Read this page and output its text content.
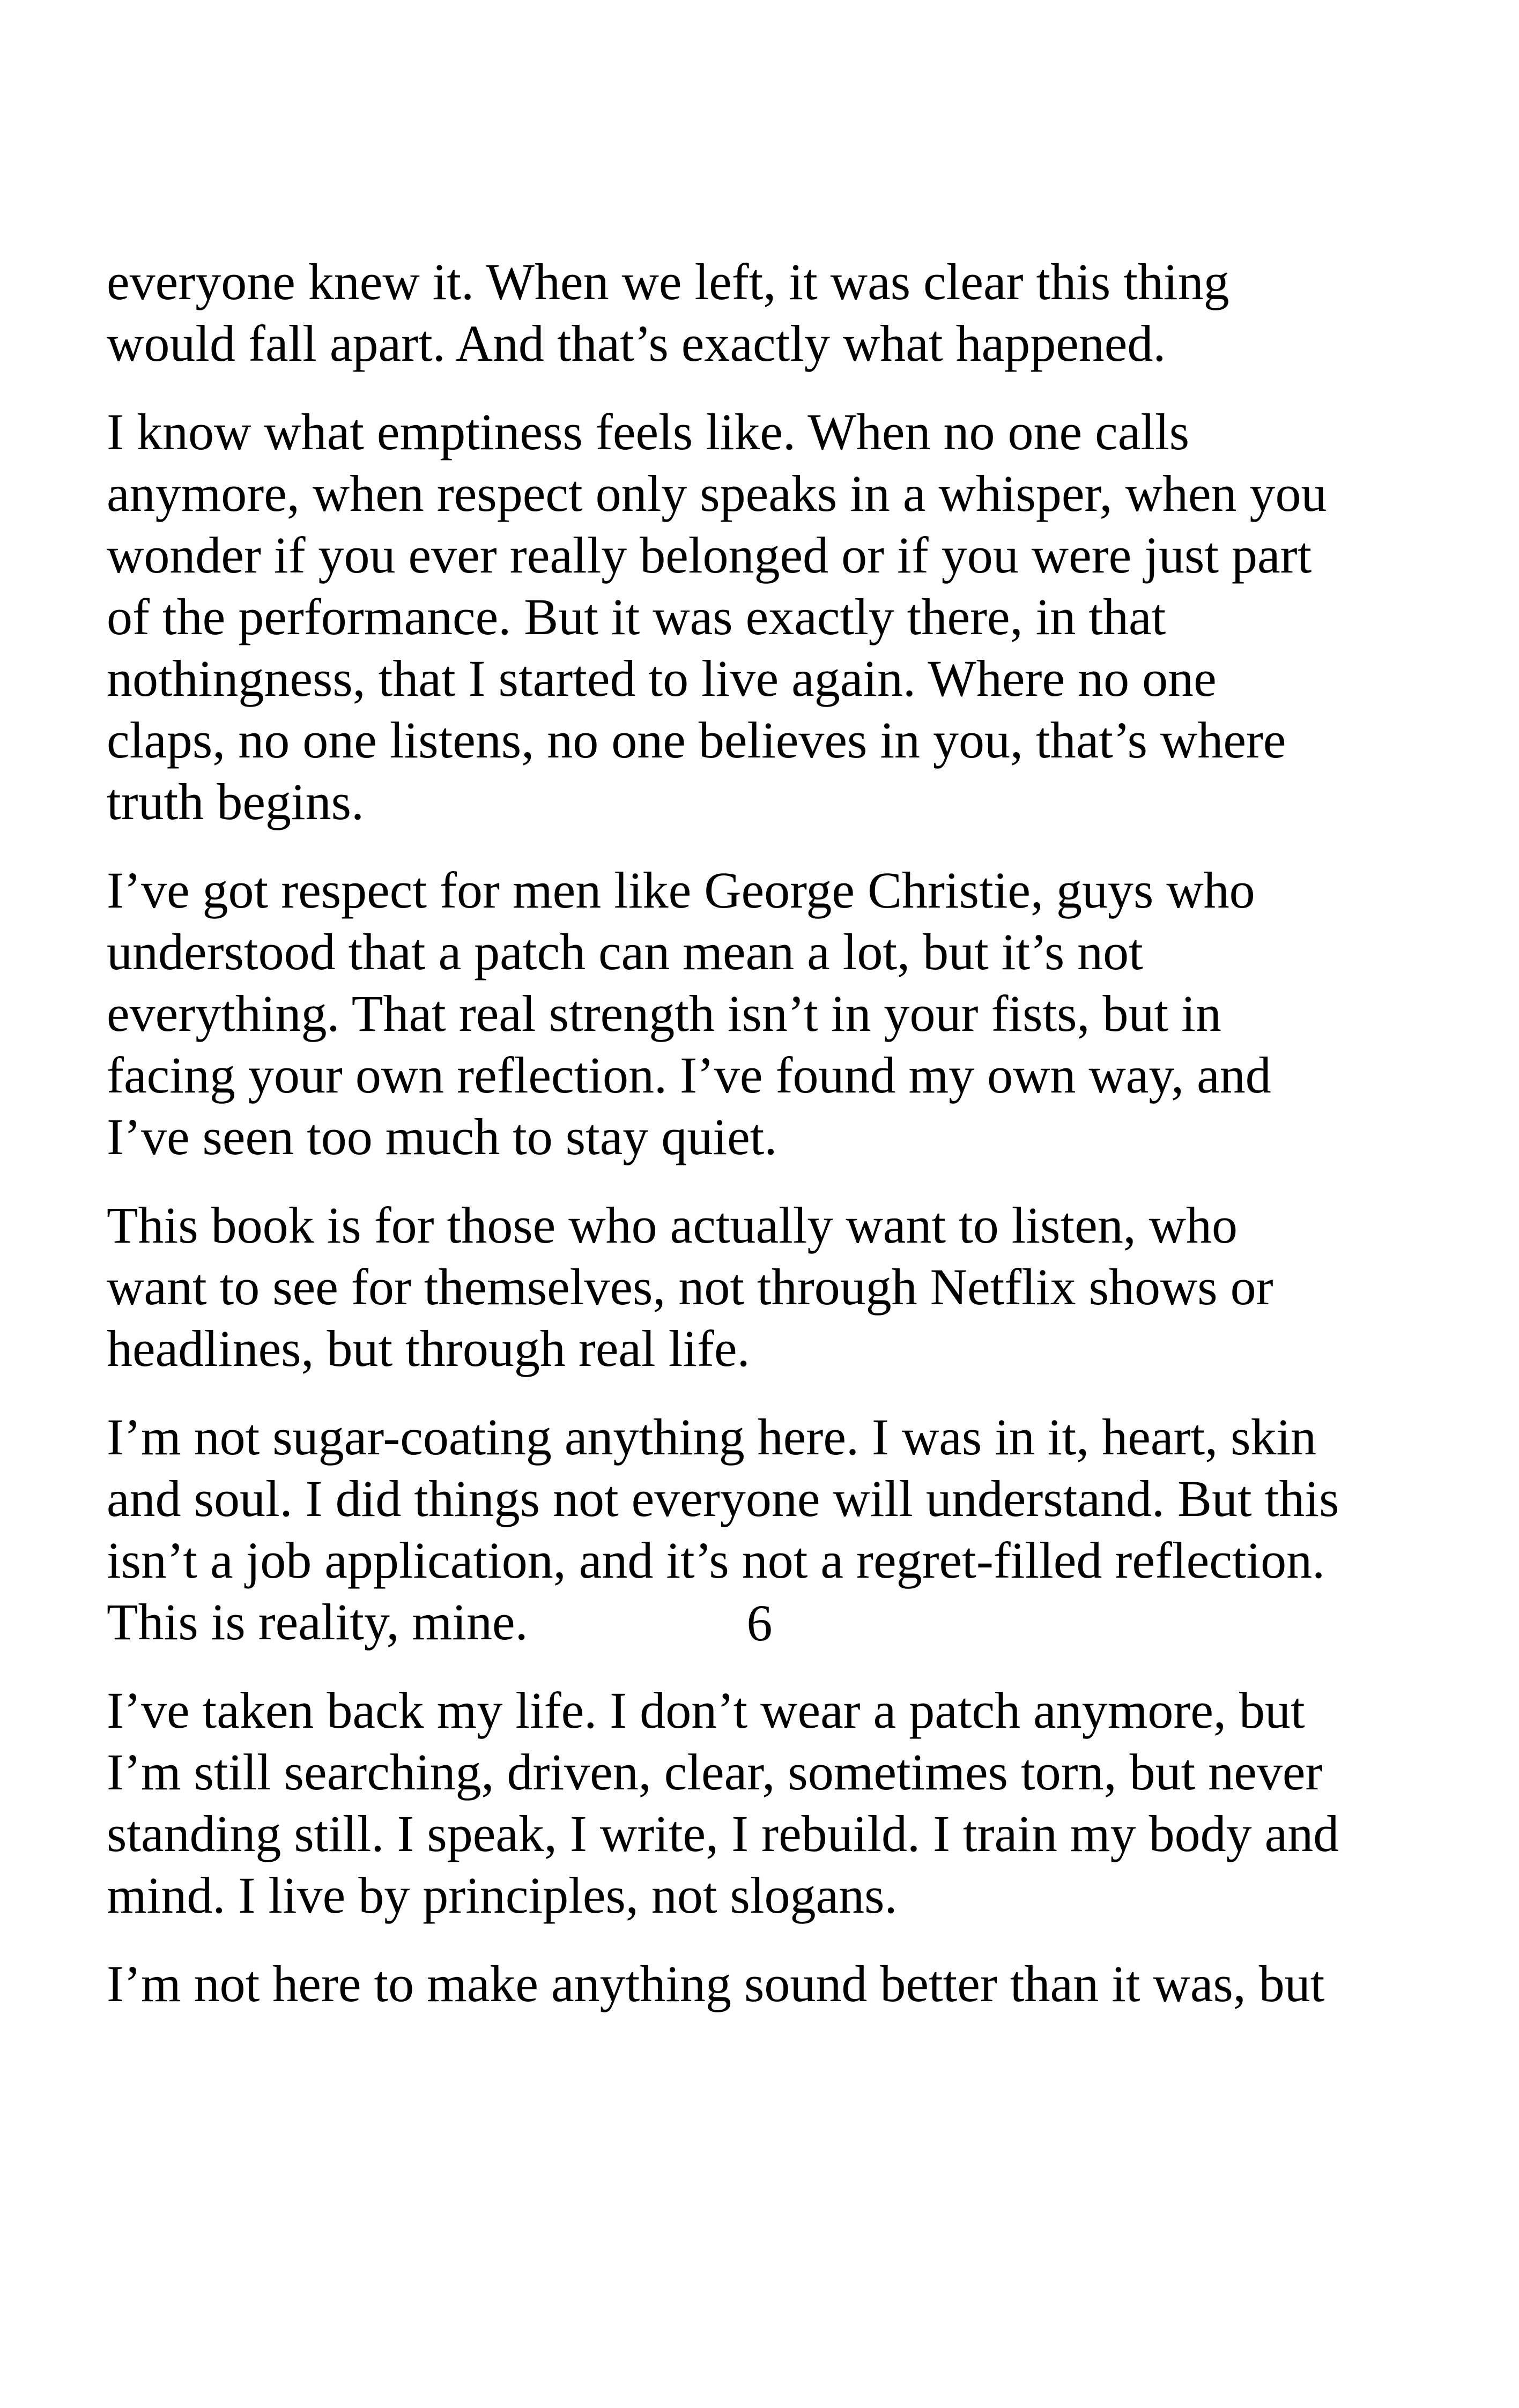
everyone knew it. When we left, it was clear this thing
would fall apart. And that’s exactly what happened.

I know what emptiness feels like. When no one calls
anymore, when respect only speaks in a whisper, when you
wonder if you ever really belonged or if you were just part
of the performance. But it was exactly there, in that
nothingness, that I started to live again. Where no one
claps, no one listens, no one believes in you, that’s where
truth begins.

I’ve got respect for men like George Christie, guys who
understood that a patch can mean a lot, but it’s not
everything. That real strength isn’t in your fists, but in
facing your own reflection. I’ve found my own way, and
I’ve seen too much to stay quiet.

This book is for those who actually want to listen, who
want to see for themselves, not through Netflix shows or
headlines, but through real life.

I’m not sugar-coating anything here. I was in it, heart, skin
and soul. I did things not everyone will understand. But this
isn’t a job application, and it’s not a regret-filled reflection.
This is reality, mine.

I’ve taken back my life. I don’t wear a patch anymore, but
I’m still searching, driven, clear, sometimes torn, but never
standing still. I speak, I write, I rebuild. I train my body and
mind. I live by principles, not slogans.

I’m not here to make anything sound better than it was, but

6
